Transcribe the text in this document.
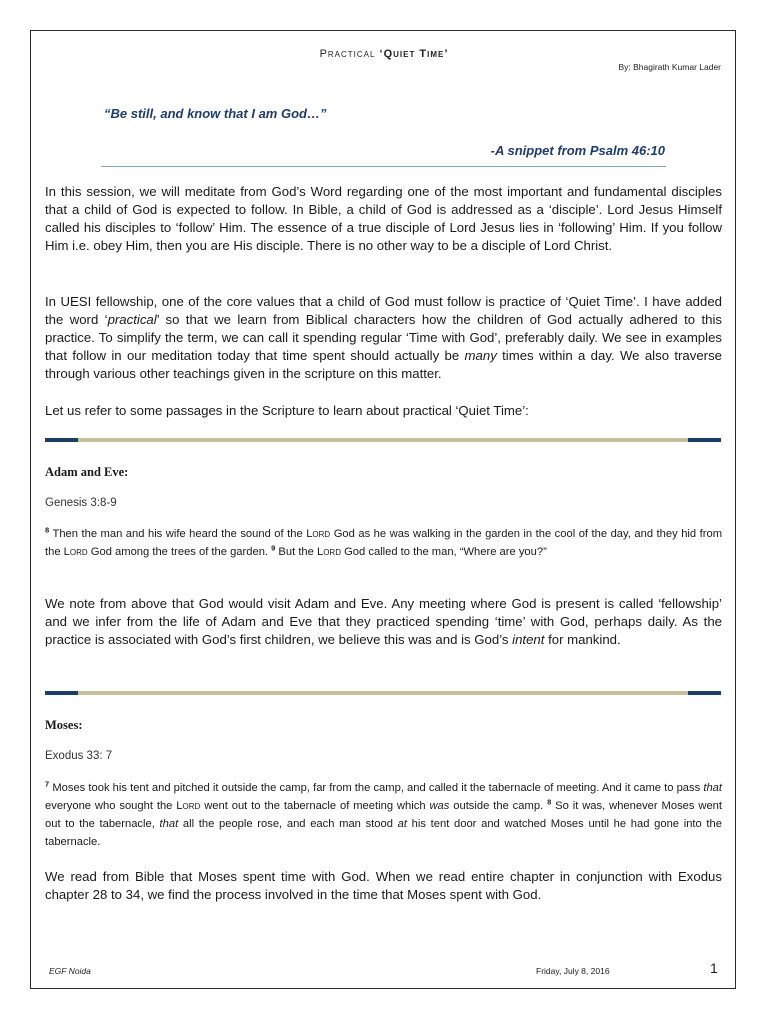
Practical ‘Quiet Time’
By: Bhagirath Kumar Lader
“Be still, and know that I am God…”
-A snippet from Psalm 46:10
In this session, we will meditate from God’s Word regarding one of the most important and fundamental disciples that a child of God is expected to follow. In Bible, a child of God is addressed as a ‘disciple’. Lord Jesus Himself called his disciples to ‘follow’ Him. The essence of a true disciple of Lord Jesus lies in ‘following’ Him. If you follow Him i.e. obey Him, then you are His disciple. There is no other way to be a disciple of Lord Christ.
In UESI fellowship, one of the core values that a child of God must follow is practice of ‘Quiet Time’. I have added the word ‘practical’ so that we learn from Biblical characters how the children of God actually adhered to this practice. To simplify the term, we can call it spending regular ‘Time with God’, preferably daily. We see in examples that follow in our meditation today that time spent should actually be many times within a day. We also traverse through various other teachings given in the scripture on this matter.
Let us refer to some passages in the Scripture to learn about practical ‘Quiet Time’:
Adam and Eve:
Genesis 3:8-9
$^8$ Then the man and his wife heard the sound of the Lord God as he was walking in the garden in the cool of the day, and they hid from the Lord God among the trees of the garden. $^9$ But the Lord God called to the man, “Where are you?”
We note from above that God would visit Adam and Eve. Any meeting where God is present is called ‘fellowship’ and we infer from the life of Adam and Eve that they practiced spending ‘time’ with God, perhaps daily. As the practice is associated with God’s first children, we believe this was and is God’s intent for mankind.
Moses:
Exodus 33: 7
$^7$ Moses took his tent and pitched it outside the camp, far from the camp, and called it the tabernacle of meeting. And it came to pass that everyone who sought the Lord went out to the tabernacle of meeting which was outside the camp. $^8$ So it was, whenever Moses went out to the tabernacle, that all the people rose, and each man stood at his tent door and watched Moses until he had gone into the tabernacle.
We read from Bible that Moses spent time with God. When we read entire chapter in conjunction with Exodus chapter 28 to 34, we find the process involved in the time that Moses spent with God.
EGF Noida	Friday, July 8, 2016	1
